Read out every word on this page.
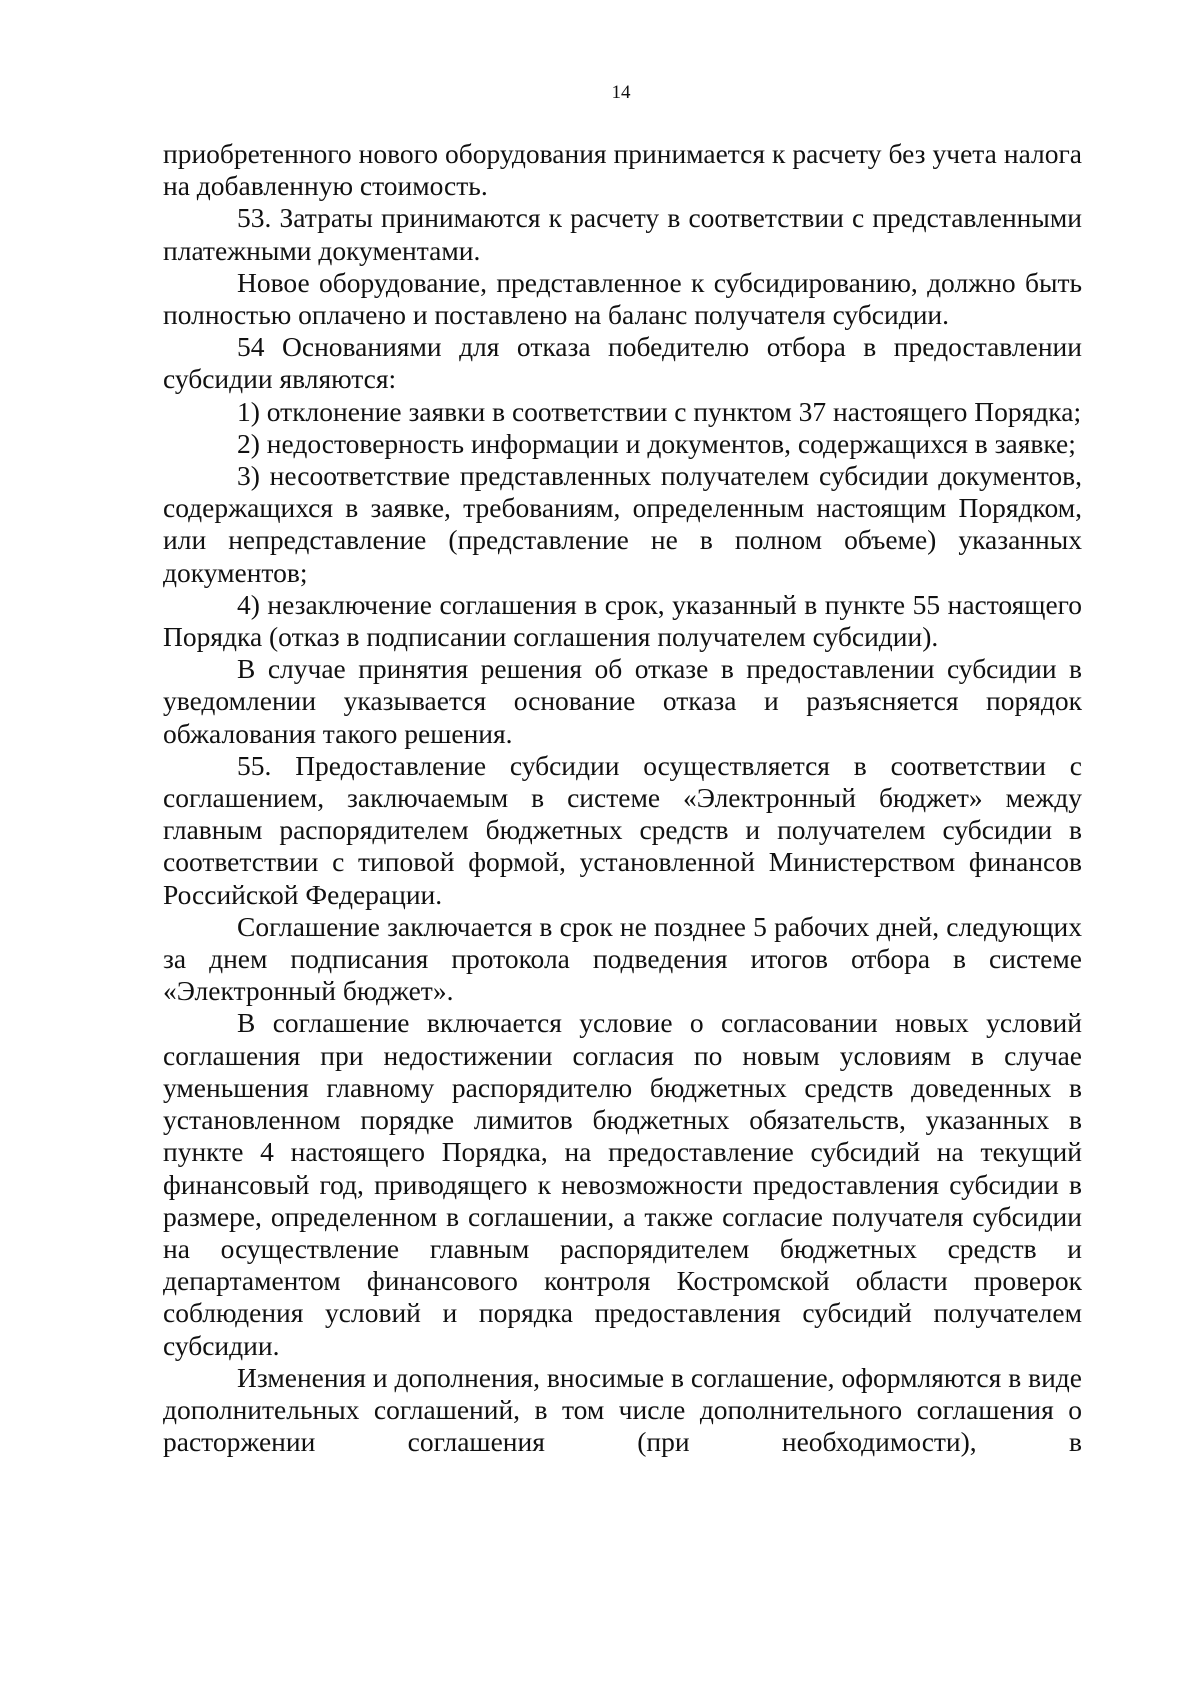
14

приобретенного нового оборудования принимается к расчету без учета налога на добавленную стоимость.

53. Затраты принимаются к расчету в соответствии с представленными платежными документами.

Новое оборудование, представленное к субсидированию, должно быть полностью оплачено и поставлено на баланс получателя субсидии.

54 Основаниями для отказа победителю отбора в предоставлении субсидии являются:

1) отклонение заявки в соответствии с пунктом 37 настоящего Порядка;

2) недостоверность информации и документов, содержащихся в заявке;

3) несоответствие представленных получателем субсидии документов, содержащихся в заявке, требованиям, определенным настоящим Порядком, или непредставление (представление не в полном объеме) указанных документов;

4) незаключение соглашения в срок, указанный в пункте 55 настоящего Порядка (отказ в подписании соглашения получателем субсидии).

В случае принятия решения об отказе в предоставлении субсидии в уведомлении указывается основание отказа и разъясняется порядок обжалования такого решения.

55. Предоставление субсидии осуществляется в соответствии с соглашением, заключаемым в системе «Электронный бюджет» между главным распорядителем бюджетных средств и получателем субсидии в соответствии с типовой формой, установленной Министерством финансов Российской Федерации.

Соглашение заключается в срок не позднее 5 рабочих дней, следующих за днем подписания протокола подведения итогов отбора в системе «Электронный бюджет».

В соглашение включается условие о согласовании новых условий соглашения при недостижении согласия по новым условиям в случае уменьшения главному распорядителю бюджетных средств доведенных в установленном порядке лимитов бюджетных обязательств, указанных в пункте 4 настоящего Порядка, на предоставление субсидий на текущий финансовый год, приводящего к невозможности предоставления субсидии в размере, определенном в соглашении, а также согласие получателя субсидии на осуществление главным распорядителем бюджетных средств и департаментом финансового контроля Костромской области проверок соблюдения условий и порядка предоставления субсидий получателем субсидии.

Изменения и дополнения, вносимые в соглашение, оформляются в виде дополнительных соглашений, в том числе дополнительного соглашения о расторжении соглашения (при необходимости), в
